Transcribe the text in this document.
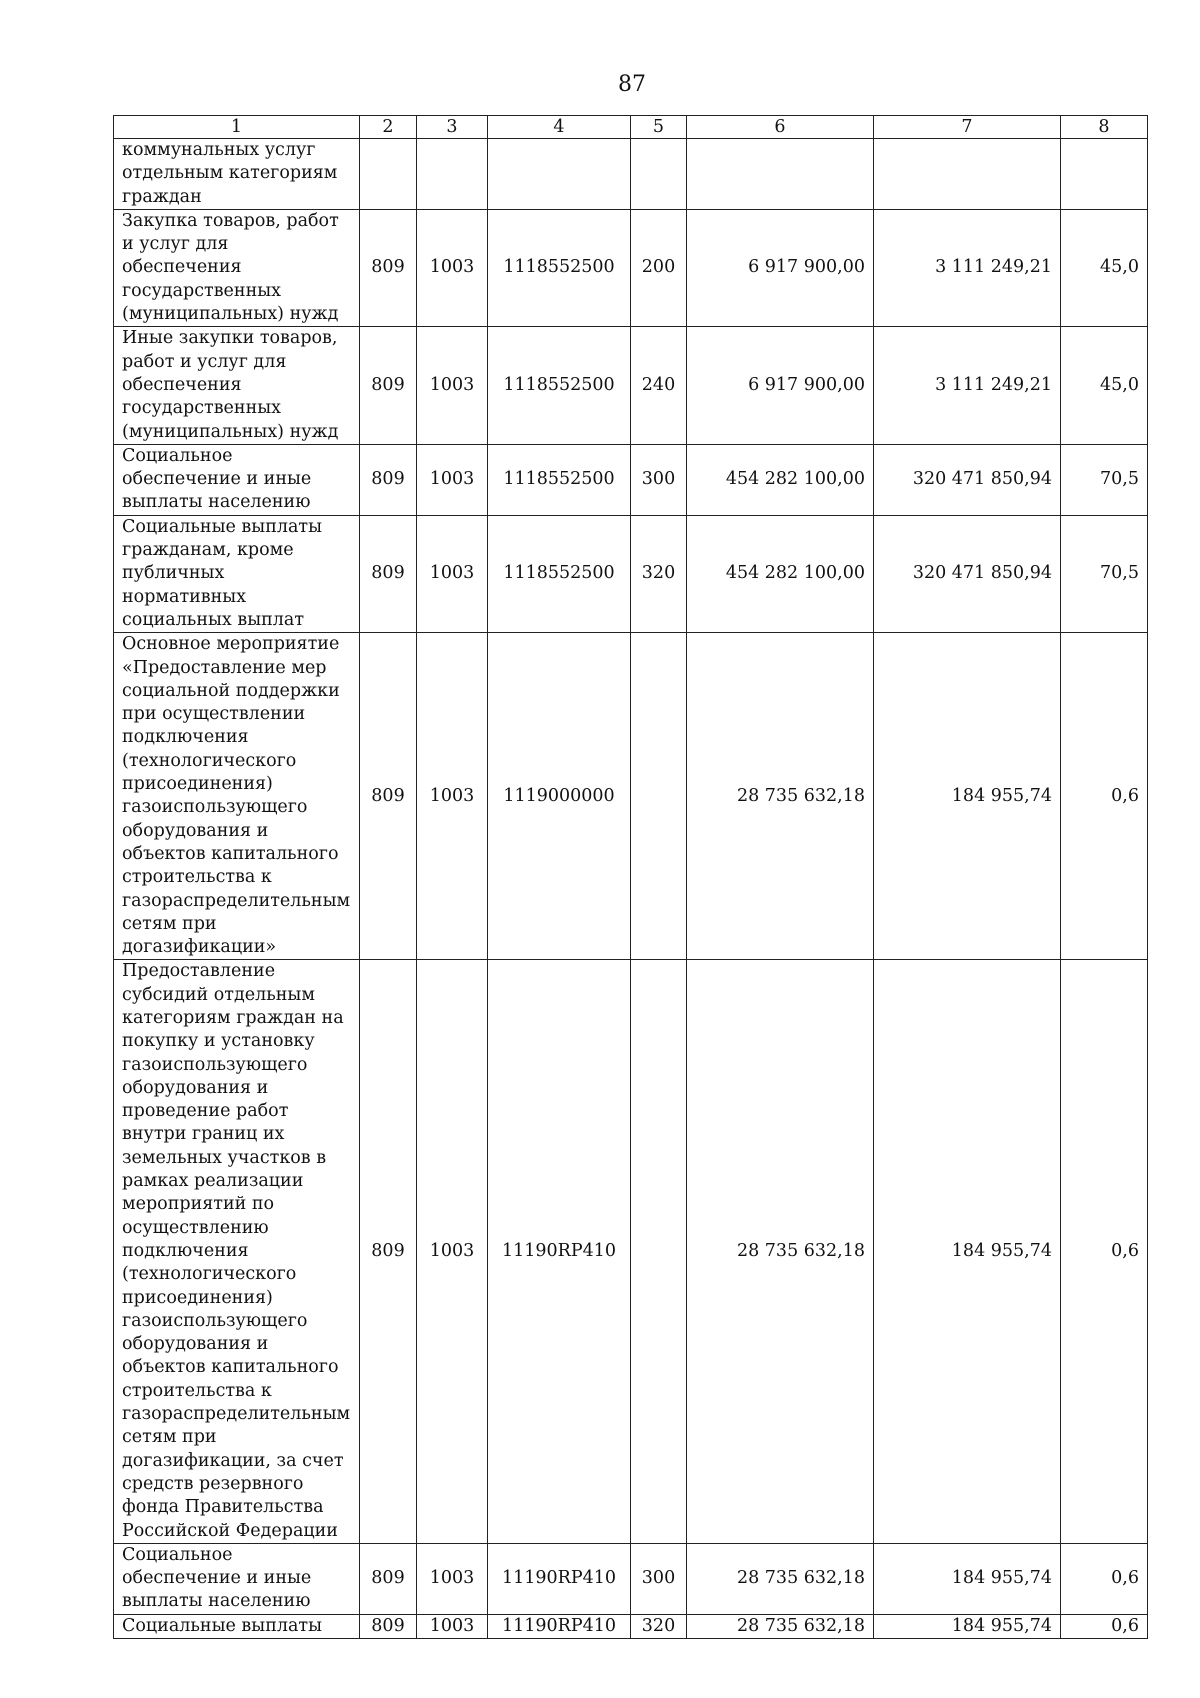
87
1	2	3	4	5	6	7	8
коммунальных услуг отдельным категориям граждан							
Закупка товаров, работ и услуг для обеспечения государственных (муниципальных) нужд	809	1003	1118552500	200	6 917 900,00	3 111 249,21	45,0
Иные закупки товаров, работ и услуг для обеспечения государственных (муниципальных) нужд	809	1003	1118552500	240	6 917 900,00	3 111 249,21	45,0
Социальное обеспечение и иные выплаты населению	809	1003	1118552500	300	454 282 100,00	320 471 850,94	70,5
Социальные выплаты гражданам, кроме публичных нормативных социальных выплат	809	1003	1118552500	320	454 282 100,00	320 471 850,94	70,5
Основное мероприятие «Предоставление мер социальной поддержки при осуществлении подключения (технологического присоединения) газоиспользующего оборудования и объектов капитального строительства к газораспределительным сетям при догазификации»	809	1003	1119000000		28 735 632,18	184 955,74	0,6
Предоставление субсидий отдельным категориям граждан на покупку и установку газоиспользующего оборудования и проведение работ внутри границ их земельных участков в рамках реализации мероприятий по осуществлению подключения (технологического присоединения) газоиспользующего оборудования и объектов капитального строительства к газораспределительным сетям при догазификации, за счет средств резервного фонда Правительства Российской Федерации	809	1003	11190RP410		28 735 632,18	184 955,74	0,6
Социальное обеспечение и иные выплаты населению	809	1003	11190RP410	300	28 735 632,18	184 955,74	0,6
Социальные выплаты	809	1003	11190RP410	320	28 735 632,18	184 955,74	0,6
